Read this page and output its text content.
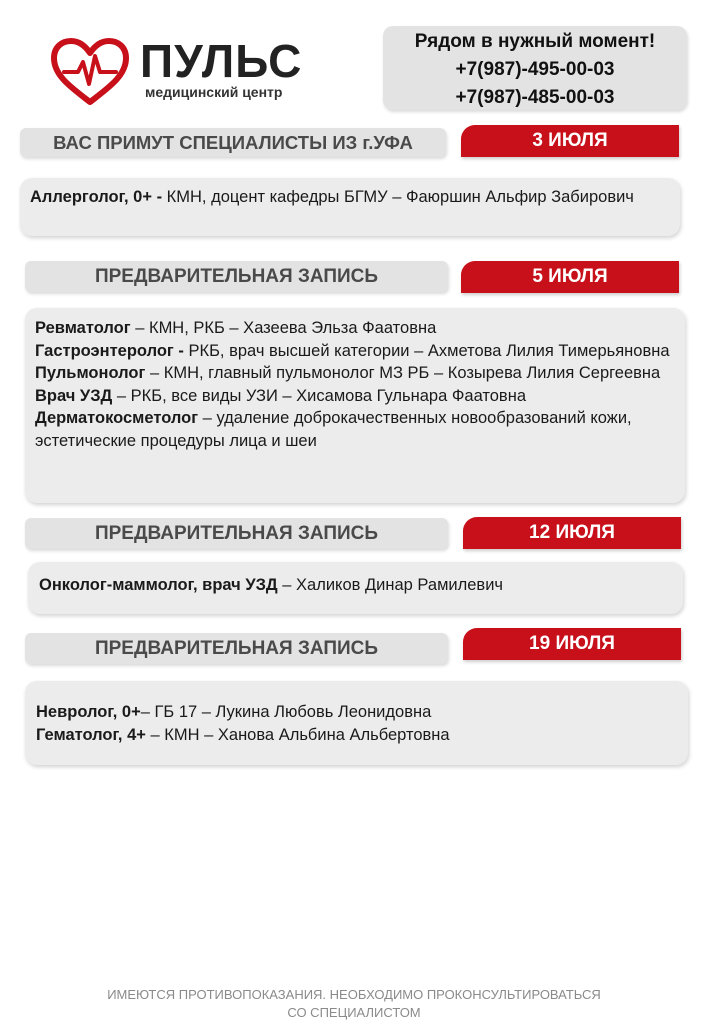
ПУЛЬС
медицинский центр
Рядом в нужный момент!
+7(987)-495-00-03
+7(987)-485-00-03
ВАС ПРИМУТ СПЕЦИАЛИСТЫ ИЗ г.УФА	3 ИЮЛЯ
Аллерголог, 0+ - КМН, доцент кафедры БГМУ – Фаюршин Альфир Забирович
ПРЕДВАРИТЕЛЬНАЯ ЗАПИСЬ	5 ИЮЛЯ
Ревматолог – КМН, РКБ – Хазеева Эльза Фаатовна
Гастроэнтеролог - РКБ, врач высшей категории – Ахметова Лилия Тимерьяновна
Пульмонолог – КМН, главный пульмонолог МЗ РБ – Козырева Лилия Сергеевна
Врач УЗД – РКБ, все виды УЗИ – Хисамова Гульнара Фаатовна
Дерматокосметолог – удаление доброкачественных новообразований кожи, эстетические процедуры лица и шеи
ПРЕДВАРИТЕЛЬНАЯ ЗАПИСЬ	12 ИЮЛЯ
Онколог-маммолог, врач УЗД – Халиков Динар Рамилевич
ПРЕДВАРИТЕЛЬНАЯ ЗАПИСЬ	19 ИЮЛЯ
Невролог, 0+– ГБ 17 – Лукина Любовь Леонидовна
Гематолог, 4+ – КМН – Ханова Альбина Альбертовна
ИМЕЮТСЯ ПРОТИВОПОКАЗАНИЯ. НЕОБХОДИМО ПРОКОНСУЛЬТИРОВАТЬСЯ
СО СПЕЦИАЛИСТОМ
